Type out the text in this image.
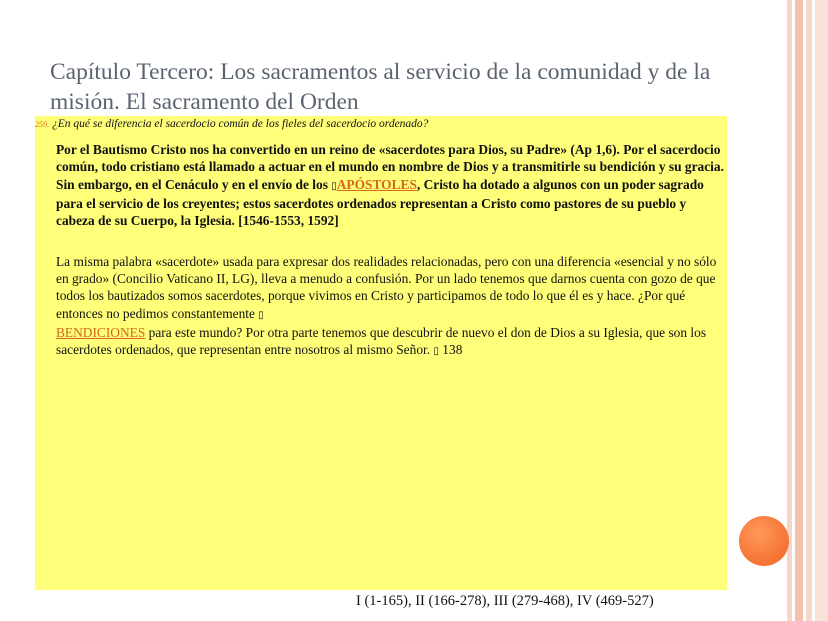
Capítulo Tercero: Los sacramentos al servicio de la comunidad y de la misión. El sacramento del Orden
259. ¿En qué se diferencia el sacerdocio común de los fieles del sacerdocio ordenado?
Por el Bautismo Cristo nos ha convertido en un reino de «sacerdotes para Dios, su Padre» (Ap 1,6). Por el sacerdocio común, todo cristiano está llamado a actuar en el mundo en nombre de Dios y a transmitirle su bendición y su gracia. Sin embargo, en el Cenáculo y en el envío de los ▯APÓSTOLES, Cristo ha dotado a algunos con un poder sagrado para el servicio de los creyentes; estos sacerdotes ordenados representan a Cristo como pastores de su pueblo y cabeza de su Cuerpo, la Iglesia. [1546-1553, 1592]
La misma palabra «sacerdote» usada para expresar dos realidades relacionadas, pero con una diferencia «esencial y no sólo en grado» (Concilio Vaticano II, LG), lleva a menudo a confusión. Por un lado tenemos que darnos cuenta con gozo de que todos los bautizados somos sacerdotes, porque vivimos en Cristo y participamos de todo lo que él es y hace. ¿Por qué entonces no pedimos constantemente ▯
BENDICIONES para este mundo? Por otra parte tenemos que descubrir de nuevo el don de Dios a su Iglesia, que son los sacerdotes ordenados, que representan entre nosotros al mismo Señor. ▯ 138
I (1-165), II (166-278), III (279-468), IV (469-527)
